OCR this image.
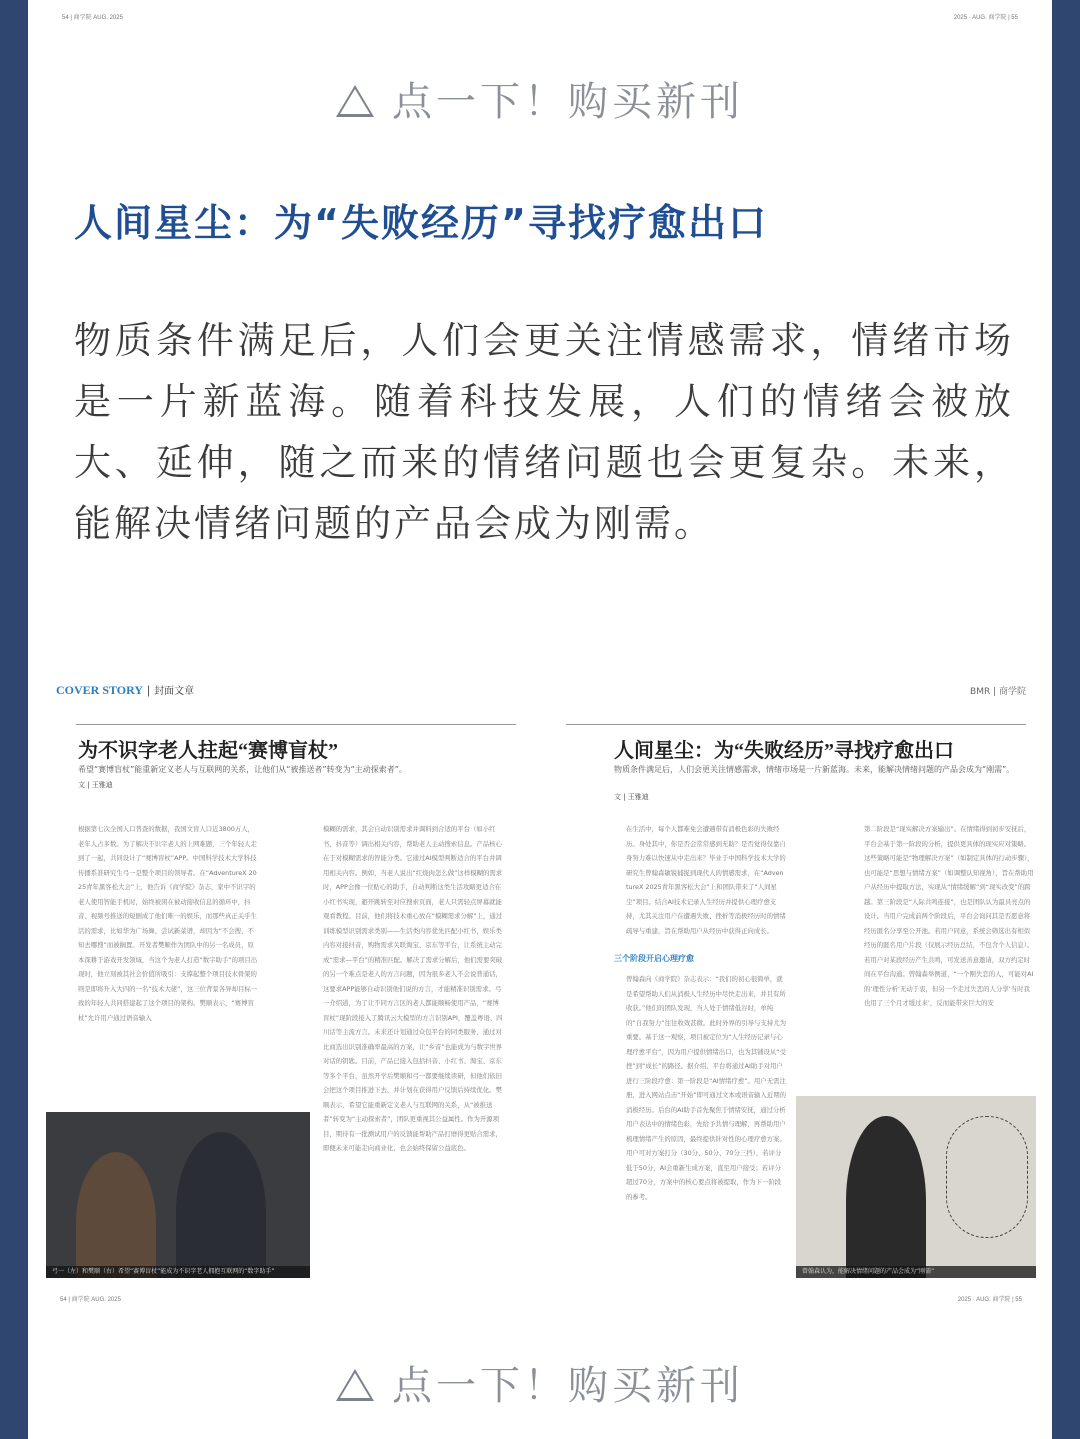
54 | 商学院 AUG. 2025	2025 · AUG. 商学院 | 55
点一下！购买新刊
人间星尘：为“失败经历”寻找疗愈出口
物质条件满足后，人们会更关注情感需求，情绪市场是一片新蓝海。随着科技发展，人们的情绪会被放大、延伸，随之而来的情绪问题也会更复杂。未来，能解决情绪问题的产品会成为刚需。
COVER STORY | 封面文章
为不识字老人拄起“赛博盲杖”
希望“赛博盲杖”能重新定义老人与互联网的关系，让他们从“被推送者”转变为“主动探索者”。
文 | 王雅迪
根据第七次全国人口普查的数据，我国文盲人口近3800万人，老年人占多数。为了解决不识字老人的上网难题，三个年轻人走到了一起，共同设计了“赛博盲杖”APP。中国科学技术大学科技传播系准研究生弓一是整个项目的领导者。在“AdventureX 2025青年黑客松大会”上，他告诉《商学院》杂志，家中不识字的老人使用智能手机时，始终被困在被动接收信息的循环中，抖音、视频号推送的短剧成了他们唯一的娱乐，而那些真正关乎生活的需求，比如华为广场舞、尝试新菜谱，却因为“不会搜、不知去哪搜”而被搁置。开发者樊顺作为团队中的另一名成员，原本深耕于游戏开发领域，当这个为老人打造“数字助手”的项目出现时，他立刻被其社会价值所吸引：支撑起整个项目技术骨架的则是即将升入大四的一名“技术大佬”，这三位背景各异却目标一致的年轻人共同搭建起了这个项目的架构。樊顺表示，“赛博盲杖”允许用户通过语音输入
模糊的需求，其会自动识别需求并调料到合适的平台（如小红书、抖音等）调出相关内容，帮助老人主动搜索信息。产品核心在于对模糊需求的智能分类。它通过AI模型判断适合的平台并调用相关内容。例如，当老人说出“红烧肉怎么做”这样模糊的需求时，APP会像一位贴心的助手，自动判断这类生活攻略更适合在小红书实现，避开跳转至对应搜索页面，老人只需轻点屏幕就能观看教程。目前，他们将技术重心放在“模糊需求分解”上，通过训练模型识别需求类别——生活类内容优先匹配小红书，娱乐类内容对接抖音，购物需求关联淘宝、京东等平台，让系统主动完成“需求—平台”的精准匹配。解决了需求分解后，他们需要突破的另一个难点是老人的方言问题，因为很多老人不会说普通话，这要求APP能够自动识别他们说的方言，才能精准识别需求。弓一介绍道，为了让不同方言区的老人都能顺畅使用产品，“赛博盲杖”现阶段接入了腾讯云大模型的方言识别API，覆盖粤语、四川话等主流方言。未来还计划通过众包平台的同类服务，通过对比商选出识别准确率最高的方案，让“乡音”也能成为与数字世界对话的钥匙。目前，产品已接入包括抖音、小红书、淘宝、京东等多个平台，虽然开学后樊顺和弓一都要继续读研，但他们依旧会把这个项目推进下去，并计划在获得用户反馈后持续优化。樊顺表示，希望它能重新定义老人与互联网的关系，从“被推送者”转变为“主动探索者”，团队更重视其公益属性。作为开源项目，期待有一批测试用户的反馈能帮助产品打磨得更贴合需求，即便未来可能走向商业化，也会始终保留公益底色。
弓一（左）和樊顺（右）希望“赛博盲杖”能成为不识字老人拥抱互联网的“数字助手”
54 | 商学院 AUG. 2025
BMR | 商学院
人间星尘：为“失败经历”寻找疗愈出口
物质条件满足后，人们会更关注情感需求，情绪市场是一片新蓝海。未来，能解决情绪问题的产品会成为“刚需”。
文 | 王雅迪
在生活中，每个人都难免会遭遇带有消极色彩的失败经历。身处其中，你是否会常常感到无助？是否觉得仅靠自身努力难以快速从中走出来？毕业于中国科学技术大学的研究生曾翰森敏锐捕捉到现代人的情感需求，在“AdventureX 2025青年黑客松大会”上和团队带来了“人间星尘”项目。结合AI技术记录人生经历并提供心理疗愈支持，尤其关注用户在遭遇失败、挫折等消极经历时的情绪疏导与重建，旨在帮助用户从经历中获得正向成长。
三个阶段开启心理疗愈
曾翰森向《商学院》杂志表示：“我们的初心很简单，就是希望帮助人们从消极人生经历中尽快走出来，并且有所收获。”他们的团队发现，当人处于情绪低谷时，单纯的“自我努力”往往收效甚微。此时外界的引导与支持尤为重要。基于这一观察，项目被定位为“人生经历记录与心理疗愈平台”，因为用户提供情绪出口，也为其铺设从“受挫”到“成长”的路径。据介绍，平台将通过AI助手对用户进行三阶段疗愈：第一阶段是“AI情绪疗愈”。用户无需注册，进入网站点击“开始”即可通过文本或语音输入近期的消极经历。后台的AI助手首先聚焦于情绪安抚，通过分析用户表达中的情绪色彩，先给予共情与理解，再帮助用户梳理情绪产生的原因，最终提供针对性的心理疗愈方案。用户可对方案打分（30分、50分、70分三挡），若评分低于50分，AI会重新生成方案，直至用户接受；若评分超过70分，方案中的核心要点将被提取，作为下一阶段的参考。
第二阶段是“现实解决方案输出”。在情绪得到初步安抚后，平台会基于第一阶段的分析，提供更具体的现实应对策略。这些策略可能是“物理解决方案”（如制定具体的行动步骤），也可能是“思想与情绪方案”（如调整认知视角），旨在帮助用户从经历中提取方法，实现从“情绪缓解”到“现实改变”的跨越。第三阶段是“人际共鸣连接”，也是团队认为最具亮点的设计。当用户完成前两个阶段后，平台会询问其是否愿意将经历匿名分享至公开池。若用户同意，系统会筛选出有相似经历的匿名用户片段（仅展示经历总结，不包含个人信息）。若用户对某段经历产生共鸣，可发送善意邀请，双方约定时间在平台沟通。曾翰森举例道，“一个刚失恋的人，可能对AI的‘理性分析’无动于衷，但另一个走过失恋的人分享‘当时我也用了三个月才缓过来’，反而能带来巨大的安
曾翰森认为，能解决情绪问题的产品会成为“刚需”
2025 · AUG. 商学院 | 55
点一下！购买新刊
